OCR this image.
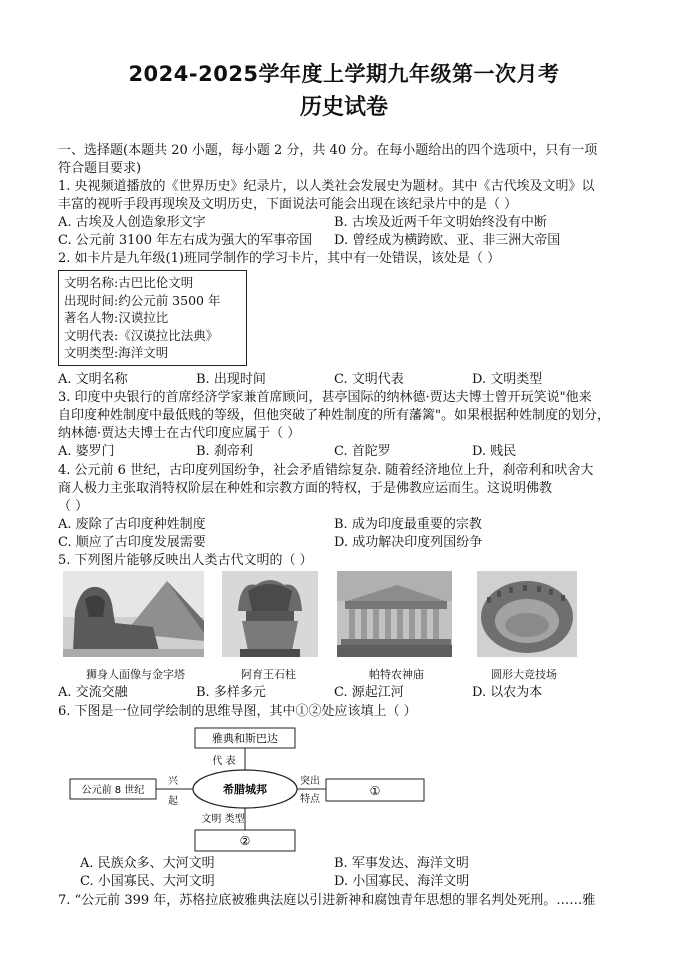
2024-2025学年度上学期九年级第一次月考
历史试卷
一、选择题(本题共 20 小题，每小题 2 分，共 40 分。在每小题给出的四个选项中，只有一项
符合题目要求)
1. 央视频道播放的《世界历史》纪录片，以人类社会发展史为题材。其中《古代埃及文明》以
丰富的视听手段再现埃及文明历史，下面说法可能会出现在该纪录片中的是（ ）
A. 古埃及人创造象形文字	B. 古埃及近两千年文明始终没有中断
C. 公元前 3100 年左右成为强大的军事帝国 D. 曾经成为横跨欧、亚、非三洲大帝国
2. 如卡片是九年级(1)班同学制作的学习卡片，其中有一处错误，该处是（ ）
文明名称:古巴比伦文明
出现时间:约公元前 3500 年
著名人物:汉谟拉比
文明代表:《汉谟拉比法典》
文明类型:海洋文明
A. 文明名称	B. 出现时间	C. 文明代表	D. 文明类型
3. 印度中央银行的首席经济学家兼首席顾问，甚亭国际的纳林德·贾达夫博士曾开玩笑说"他来
自印度种姓制度中最低贱的等级，但他突破了种姓制度的所有藩篱"。如果根据种姓制度的划分，
纳林德·贾达夫博士在古代印度应属于（ ）
A. 婆罗门	B. 刹帝利	C. 首陀罗	D. 贱民
4. 公元前 6 世纪，古印度列国纷争，社会矛盾错综复杂. 随着经济地位上升，刹帝利和吠舍大
商人极力主张取消特权阶层在种姓和宗教方面的特权，于是佛教应运而生。这说明佛教
（ ）
A. 废除了古印度种姓制度	B. 成为印度最重要的宗教
C. 顺应了古印度发展需要	D. 成功解决印度列国纷争
5. 下列图片能够反映出人类古代文明的（ ）
狮身人面像与金字塔	阿育王石柱	帕特农神庙	圆形大竞技场
A. 交流交融	B. 多样多元	C. 源起江河	D. 以农为本
6. 下图是一位同学绘制的思维导图，其中①②处应该填上（ ）
雅典和斯巴达
代 表
希腊城邦
公元前 8 世纪
兴
起
突出
特点
①
文明 类型
②
A. 民族众多、大河文明	B. 军事发达、海洋文明
C. 小国寡民、大河文明	D. 小国寡民、海洋文明
7. “公元前 399 年，苏格拉底被雅典法庭以引进新神和腐蚀青年思想的罪名判处死刑。……雅
